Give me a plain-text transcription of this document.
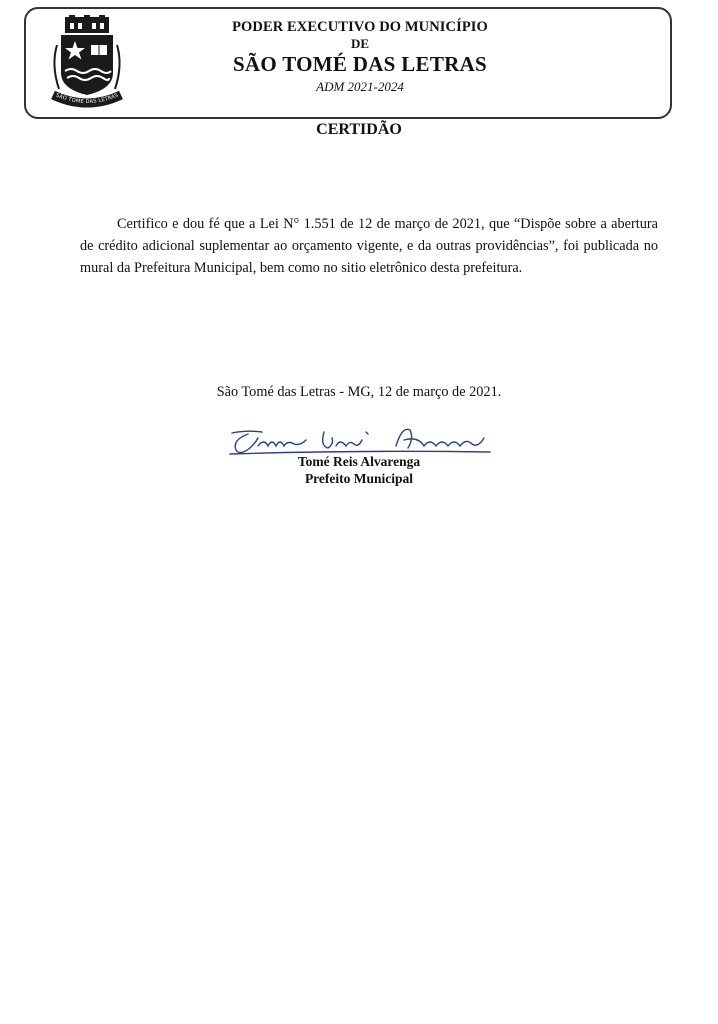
SÃO TOMÉ DAS LETRAS
PODER EXECUTIVO DO MUNICÍPIO
DE
SÃO TOMÉ DAS LETRAS
ADM 2021-2024
CERTIDÃO
Certifico e dou fé que a Lei N° 1.551 de 12 de março de 2021, que “Dispõe sobre a abertura de crédito adicional suplementar ao orçamento vigente, e da outras providências”, foi publicada no mural da Prefeitura Municipal, bem como no sitio eletrônico desta prefeitura.
São Tomé das Letras - MG, 12 de março de 2021.
Tomé Reis Alvarenga
Prefeito Municipal
